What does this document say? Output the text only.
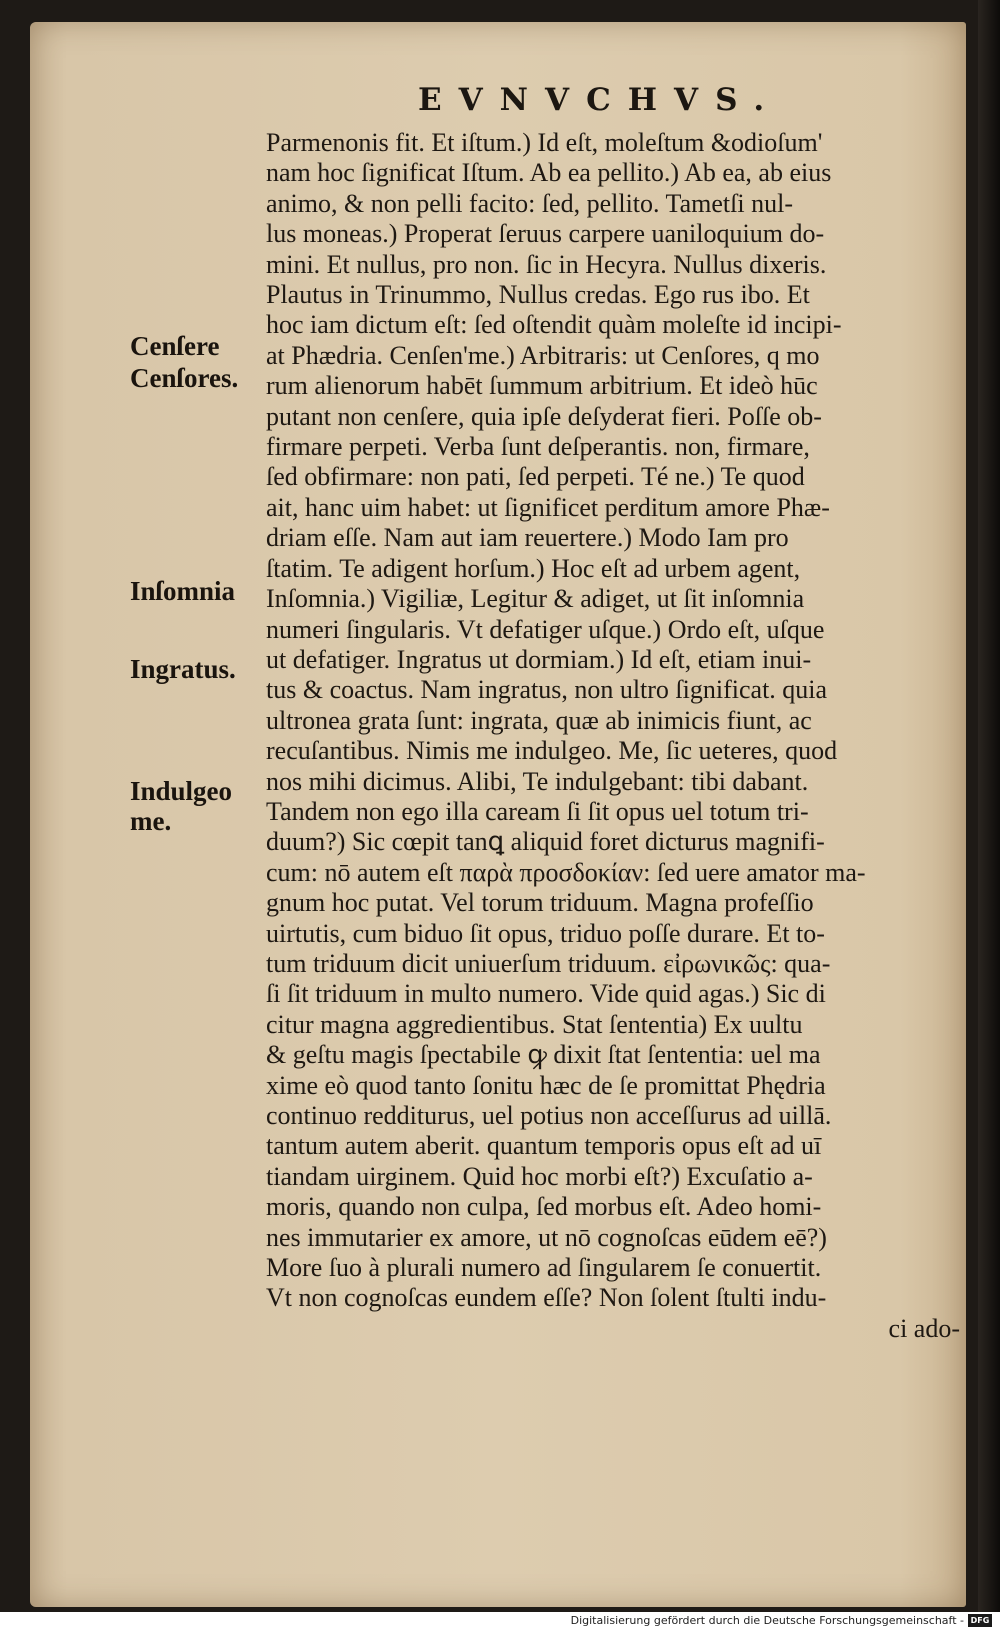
EVNVCHVS.
Parmenonis fit. Et iſtum.) Id eſt, moleſtum &odioſum'
nam hoc ſignificat Iſtum. Ab ea pellito.) Ab ea, ab eius
animo, & non pelli facito: ſed, pellito. Tametſi nul-
lus moneas.) Properat ſeruus carpere uaniloquium do-
mini. Et nullus, pro non. ſic in Hecyra. Nullus dixeris.
Plautus in Trinummo, Nullus credas. Ego rus ibo. Et
hoc iam dictum eſt: ſed oſtendit quàm moleſte id incipi-
at Phædria. Cenſen'me.) Arbitraris: ut Cenſores, q mo
rum alienorum habēt ſummum arbitrium. Et ideò hūc
putant non cenſere, quia ipſe deſyderat fieri. Poſſe ob-
firmare perpeti. Verba ſunt deſperantis. non, firmare,
ſed obfirmare: non pati, ſed perpeti. Té ne.) Te quod
ait, hanc uim habet: ut ſignificet perditum amore Phæ-
driam eſſe. Nam aut iam reuertere.) Modo Iam pro
ſtatim. Te adigent horſum.) Hoc eſt ad urbem agent,
Inſomnia.) Vigiliæ, Legitur & adiget, ut ſit inſomnia
numeri ſingularis. Vt defatiger uſque.) Ordo eſt, uſque
ut defatiger. Ingratus ut dormiam.) Id eſt, etiam inui-
tus & coactus. Nam ingratus, non ultro ſignificat. quia
ultronea grata ſunt: ingrata, quæ ab inimicis fiunt, ac
recuſantibus. Nimis me indulgeo. Me, ſic ueteres, quod
nos mihi dicimus. Alibi, Te indulgebant: tibi dabant.
Tandem non ego illa caream ſi ſit opus uel totum tri-
duum?) Sic cœpit tanꝗ aliquid foret dicturus magnifi-
cum: nō autem eſt παρὰ προσδοκίαν: ſed uere amator ma-
gnum hoc putat. Vel torum triduum. Magna profeſſio
uirtutis, cum biduo ſit opus, triduo poſſe durare. Et to-
tum triduum dicit uniuerſum triduum. εἰρωνικῶς: qua-
ſi ſit triduum in multo numero. Vide quid agas.) Sic di
citur magna aggredientibus. Stat ſententia) Ex uultu
& geſtu magis ſpectabile ꝙ dixit ſtat ſententia: uel ma
xime eò quod tanto ſonitu hæc de ſe promittat Phędria
continuo redditurus, uel potius non acceſſurus ad uillā.
tantum autem aberit. quantum temporis opus eſt ad uī
tiandam uirginem. Quid hoc morbi eſt?) Excuſatio a-
moris, quando non culpa, ſed morbus eſt. Adeo homi-
nes immutarier ex amore, ut nō cognoſcas eūdem eē?)
More ſuo à plurali numero ad ſingularem ſe conuertit.
Vt non cognoſcas eundem eſſe? Non ſolent ſtulti indu-
ci ado-
Cenſere
Cenſores.
Inſomnia
Ingratus.
Indulgeo
me.
Digitalisierung gefördert durch die Deutsche Forschungsgemeinschaft - DFG
